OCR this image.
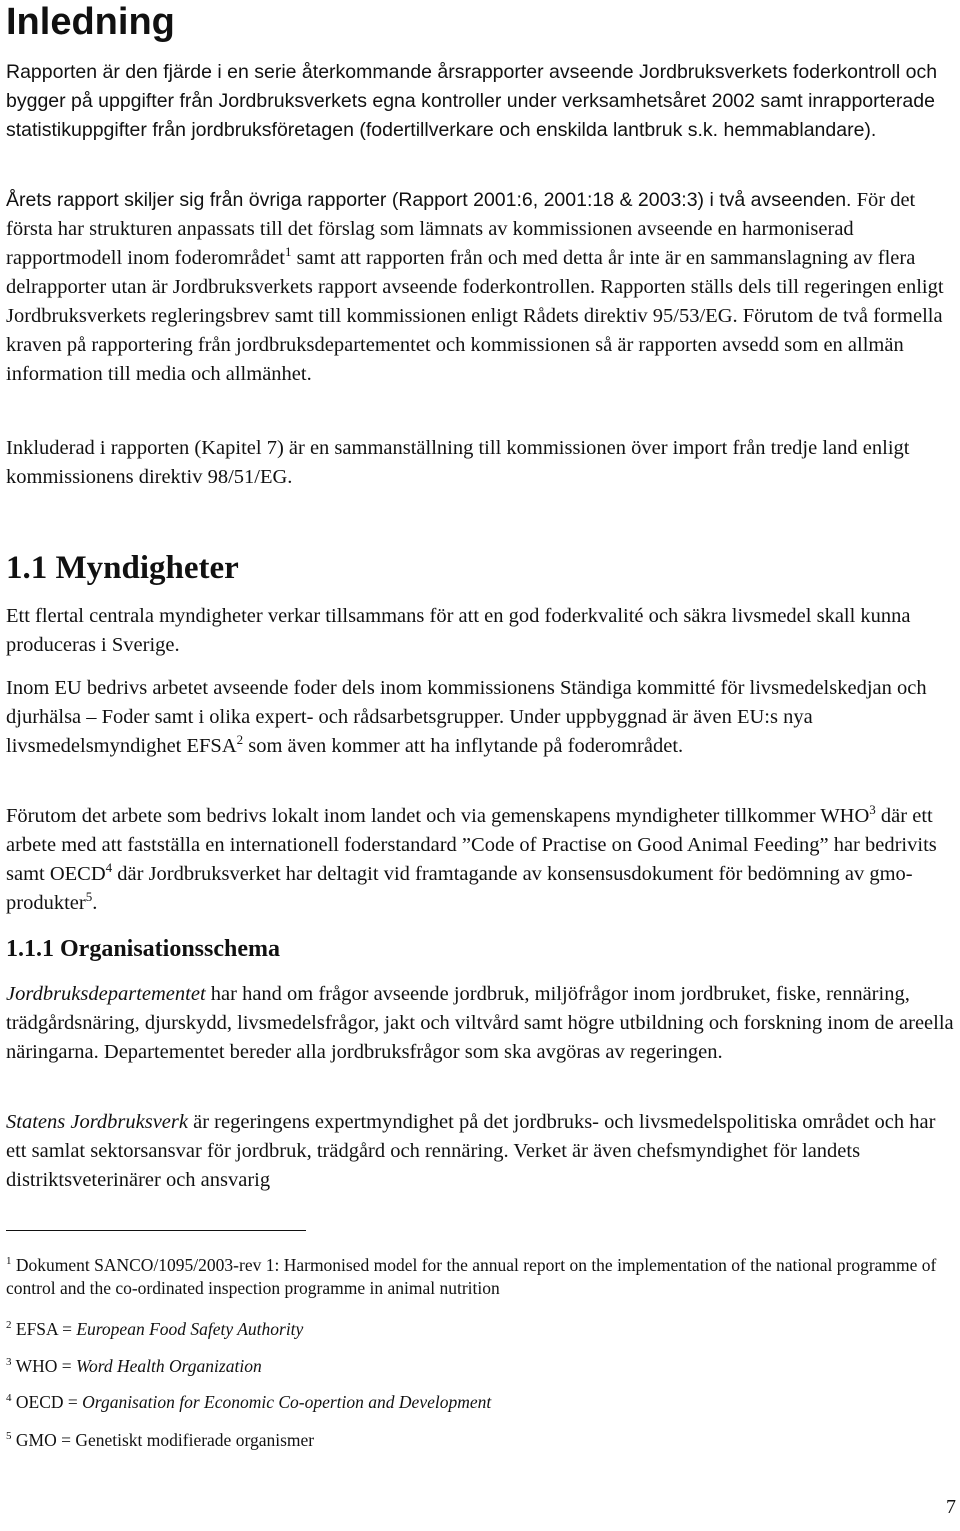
Inledning

Rapporten är den fjärde i en serie återkommande årsrapporter avseende Jordbruksverkets foderkontroll och bygger på uppgifter från Jordbruksverkets egna kontroller under verksamhetsåret 2002 samt inrapporterade statistikuppgifter från jordbruksföretagen (fodertillverkare och enskilda lantbruk s.k. hemmablandare).

Årets rapport skiljer sig från övriga rapporter (Rapport 2001:6, 2001:18 & 2003:3) i två avseenden. För det första har strukturen anpassats till det förslag som lämnats av kommissionen avseende en harmoniserad rapportmodell inom foderområdet$^1$ samt att rapporten från och med detta år inte är en sammanslagning av flera delrapporter utan är Jordbruksverkets rapport avseende foderkontrollen. Rapporten ställs dels till regeringen enligt Jordbruksverkets regleringsbrev samt till kommissionen enligt Rådets direktiv 95/53/EG. Förutom de två formella kraven på rapportering från jordbruksdepartementet och kommissionen så är rapporten avsedd som en allmän information till media och allmänhet.

Inkluderad i rapporten (Kapitel 7) är en sammanställning till kommissionen över import från tredje land enligt kommissionens direktiv 98/51/EG.

1.1 Myndigheter

Ett flertal centrala myndigheter verkar tillsammans för att en god foderkvalité och säkra livsmedel skall kunna produceras i Sverige.

Inom EU bedrivs arbetet avseende foder dels inom kommissionens Ständiga kommitté för livsmedelskedjan och djurhälsa – Foder samt i olika expert- och rådsarbetsgrupper. Under uppbyggnad är även EU:s nya livsmedelsmyndighet EFSA$^2$ som även kommer att ha inflytande på foderområdet.

Förutom det arbete som bedrivs lokalt inom landet och via gemenskapens myndigheter tillkommer WHO$^3$ där ett arbete med att fastställa en internationell foderstandard ”Code of Practise on Good Animal Feeding” har bedrivits samt OECD$^4$ där Jordbruksverket har deltagit vid framtagande av konsensusdokument för bedömning av gmo-produkter$^5$.

1.1.1 Organisationsschema

Jordbruksdepartementet har hand om frågor avseende jordbruk, miljöfrågor inom jordbruket, fiske, rennäring, trädgårdsnäring, djurskydd, livsmedelsfrågor, jakt och viltvård samt högre utbildning och forskning inom de areella näringarna. Departementet bereder alla jordbruksfrågor som ska avgöras av regeringen.

Statens Jordbruksverk är regeringens expertmyndighet på det jordbruks- och livsmedelspolitiska området och har ett samlat sektorsansvar för jordbruk, trädgård och rennäring. Verket är även chefsmyndighet för landets distriktsveterinärer och ansvarig

$^1$ Dokument SANCO/1095/2003-rev 1: Harmonised model for the annual report on the implementation of the national programme of control and the co-ordinated inspection programme in animal nutrition
$^2$ EFSA = European Food Safety Authority
$^3$ WHO = Word Health Organization
$^4$ OECD = Organisation for Economic Co-opertion and Development
$^5$ GMO = Genetiskt modifierade organismer
7
